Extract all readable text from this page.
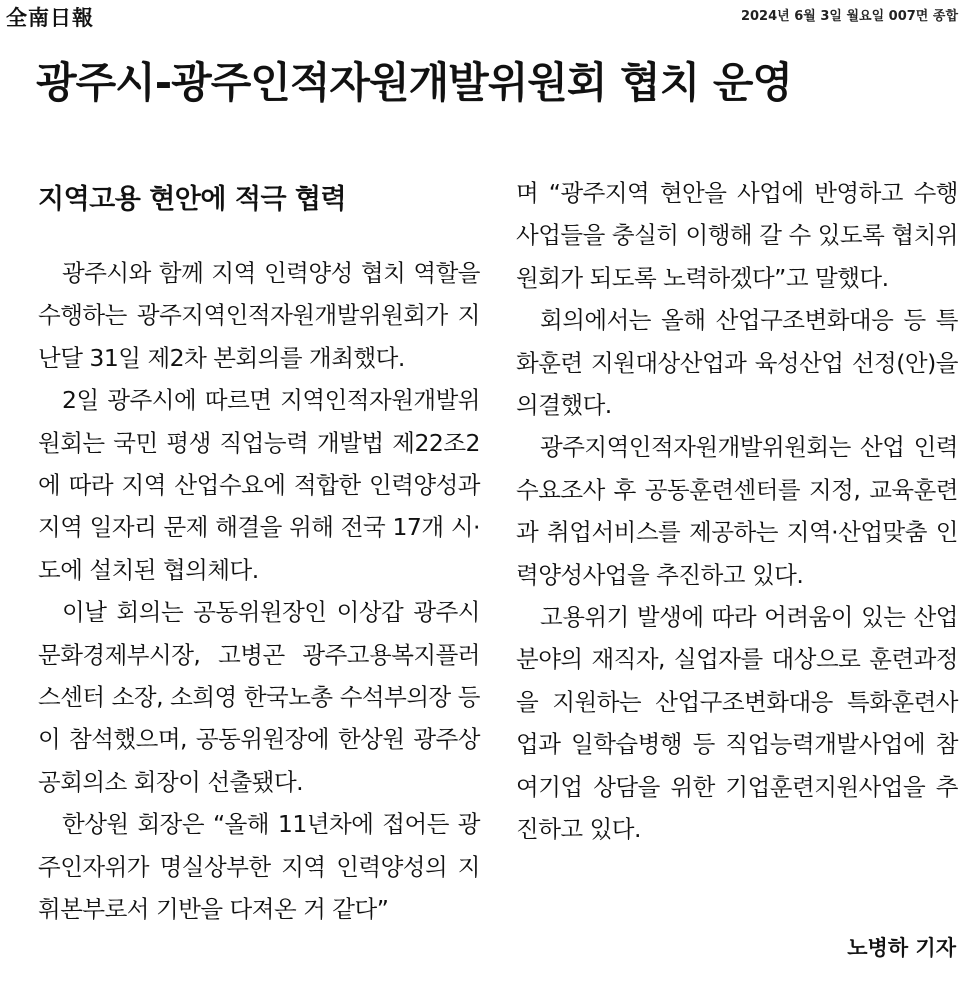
全南日報	2024년 6월 3일 월요일 007면 종합
광주시-광주인적자원개발위원회 협치 운영
지역고용 현안에 적극 협력

광주시와 함께 지역 인력양성 협치 역할을 수행하는 광주지역인적자원개발위원회가 지난달 31일 제2차 본회의를 개최했다.

2일 광주시에 따르면 지역인적자원개발위원회는 국민 평생 직업능력 개발법 제22조2에 따라 지역 산업수요에 적합한 인력양성과 지역 일자리 문제 해결을 위해 전국 17개 시·도에 설치된 협의체다.

이날 회의는 공동위원장인 이상갑 광주시 문화경제부시장, 고병곤 광주고용복지플러스센터 소장, 소희영 한국노총 수석부의장 등이 참석했으며, 공동위원장에 한상원 광주상공회의소 회장이 선출됐다.

한상원 회장은 “올해 11년차에 접어든 광주인자위가 명실상부한 지역 인력양성의 지휘본부로서 기반을 다져온 거 같다”

며 “광주지역 현안을 사업에 반영하고 수행사업들을 충실히 이행해 갈 수 있도록 협치위원회가 되도록 노력하겠다”고 말했다.

회의에서는 올해 산업구조변화대응 등 특화훈련 지원대상산업과 육성산업 선정(안)을 의결했다.

광주지역인적자원개발위원회는 산업 인력 수요조사 후 공동훈련센터를 지정, 교육훈련과 취업서비스를 제공하는 지역·산업맞춤 인력양성사업을 추진하고 있다.

고용위기 발생에 따라 어려움이 있는 산업분야의 재직자, 실업자를 대상으로 훈련과정을 지원하는 산업구조변화대응 특화훈련사업과 일학습병행 등 직업능력개발사업에 참여기업 상담을 위한 기업훈련지원사업을 추진하고 있다.

노병하 기자
